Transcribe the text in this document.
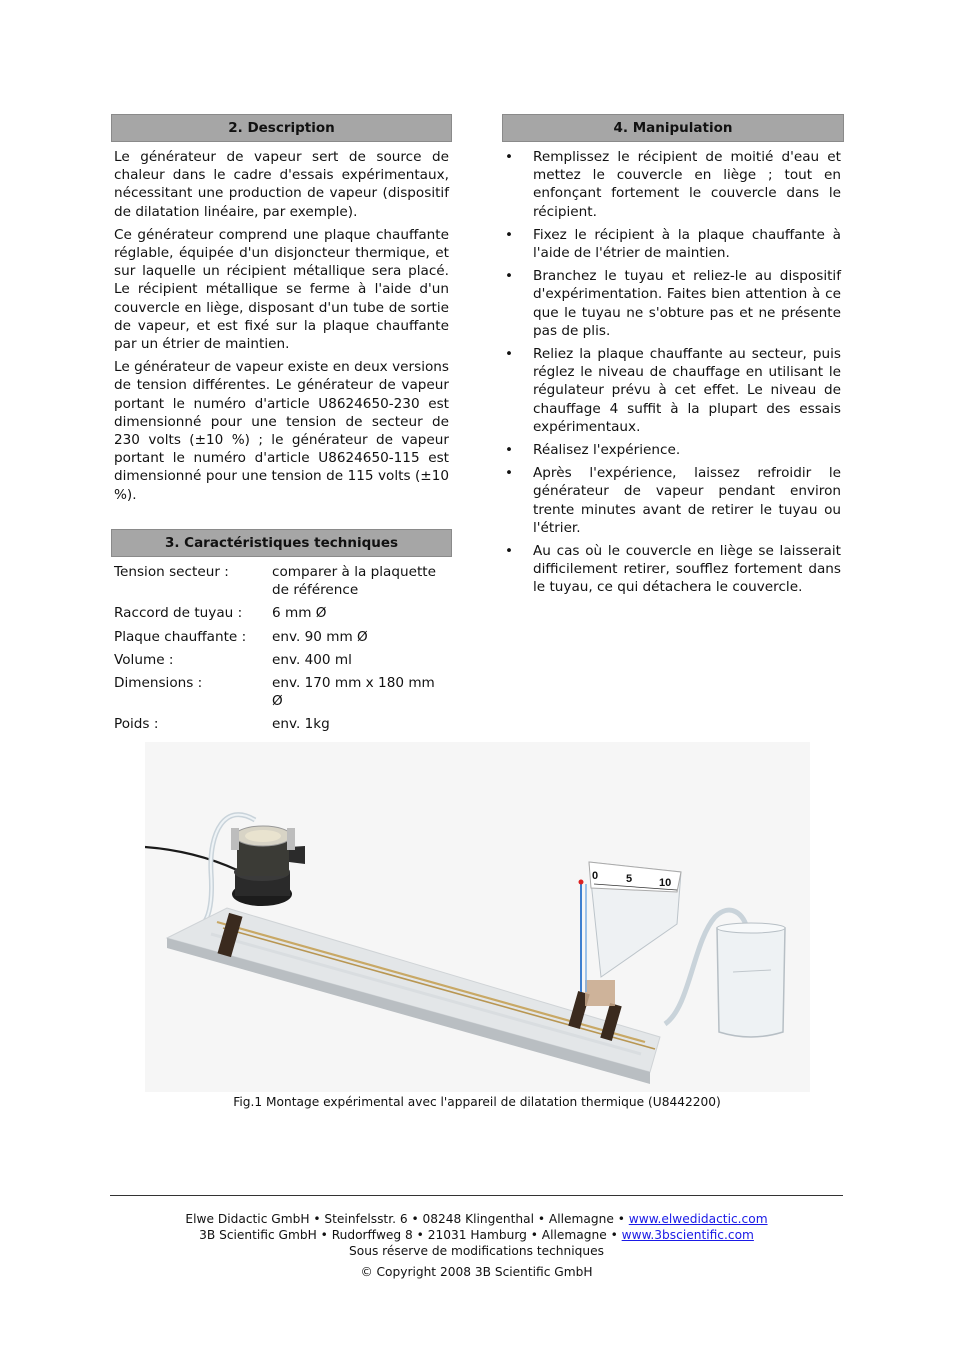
2. Description

Le générateur de vapeur sert de source de chaleur dans le cadre d'essais expérimentaux, nécessitant une production de vapeur (dispositif de dilatation linéaire, par exemple).

Ce générateur comprend une plaque chauffante réglable, équipée d'un disjoncteur thermique, et sur laquelle un récipient métallique sera placé. Le récipient métallique se ferme à l'aide d'un couvercle en liège, disposant d'un tube de sortie de vapeur, et est fixé sur la plaque chauffante par un étrier de maintien.

Le générateur de vapeur existe en deux versions de tension différentes. Le générateur de vapeur portant le numéro d'article U8624650-230 est dimensionné pour une tension de secteur de 230 volts (±10 %) ; le générateur de vapeur portant le numéro d'article U8624650-115 est dimensionné pour une tension de 115 volts (±10 %).

3. Caractéristiques techniques
Tension secteur :	comparer à la plaquette de référence
Raccord de tuyau :	6 mm Ø
Plaque chauffante :	env. 90 mm Ø
Volume :	env. 400 ml
Dimensions :	env. 170 mm x 180 mm Ø
Poids :	env. 1kg
4. Manipulation
• Remplissez le récipient de moitié d'eau et mettez le couvercle en liège ; tout en enfonçant fortement le couvercle dans le récipient.
• Fixez le récipient à la plaque chauffante à l'aide de l'étrier de maintien.
• Branchez le tuyau et reliez-le au dispositif d'expérimentation. Faites bien attention à ce que le tuyau ne s'obture pas et ne présente pas de plis.
• Reliez la plaque chauffante au secteur, puis réglez le niveau de chauffage en utilisant le régulateur prévu à cet effet. Le niveau de chauffage 4 suffit à la plupart des essais expérimentaux.
• Réalisez l'expérience.
• Après l'expérience, laissez refroidir le générateur de vapeur pendant environ trente minutes avant de retirer le tuyau ou l'étrier.
• Au cas où le couvercle en liège se laisserait difficilement retirer, soufflez fortement dans le tuyau, ce qui détachera le couvercle.
0	5 10
Fig.1 Montage expérimental avec l'appareil de dilatation thermique (U8442200)
Elwe Didactic GmbH • Steinfelsstr. 6 • 08248 Klingenthal • Allemagne • www.elwedidactic.com
3B Scientific GmbH • Rudorffweg 8 • 21031 Hamburg • Allemagne • www.3bscientific.com
Sous réserve de modifications techniques
© Copyright 2008 3B Scientific GmbH
